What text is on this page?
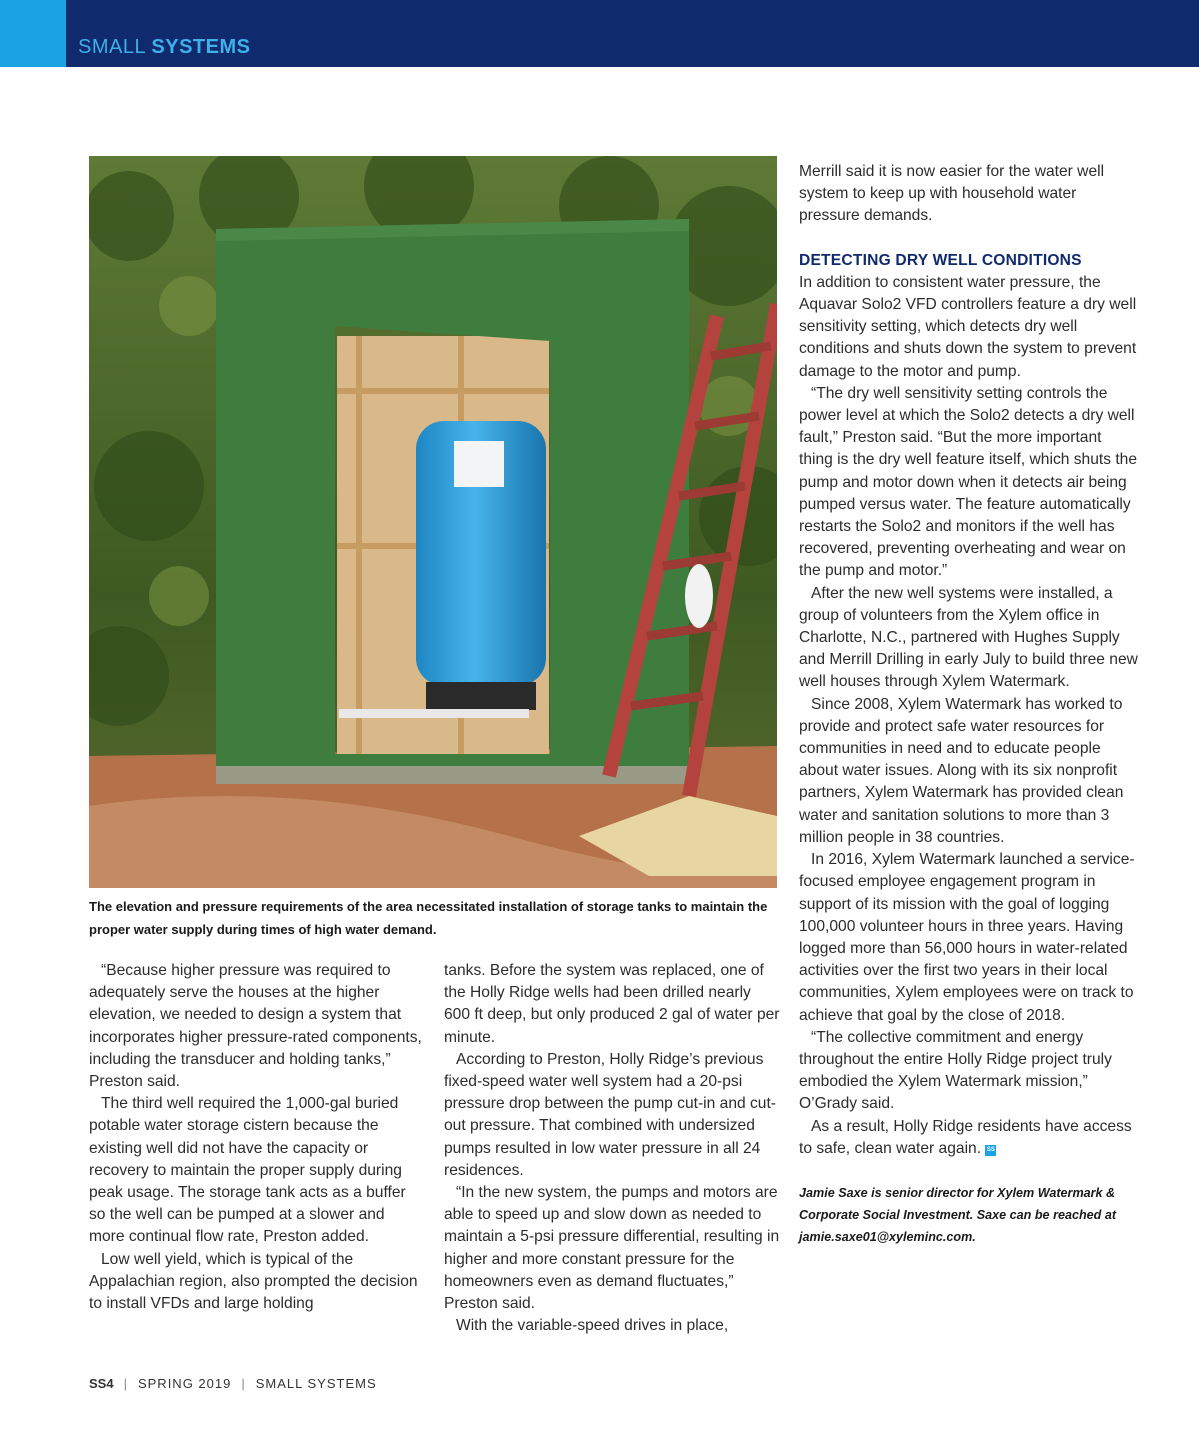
SMALL SYSTEMS
The elevation and pressure requirements of the area necessitated installation of storage tanks to maintain the proper water supply during times of high water demand.

“Because higher pressure was required to adequately serve the houses at the higher elevation, we needed to design a system that incorporates higher pressure-rated components, including the transducer and holding tanks,” Preston said.

The third well required the 1,000-gal buried potable water storage cistern because the existing well did not have the capacity or recovery to maintain the proper supply during peak usage. The storage tank acts as a buffer so the well can be pumped at a slower and more continual flow rate, Preston added.

Low well yield, which is typical of the Appalachian region, also prompted the decision to install VFDs and large holding

tanks. Before the system was replaced, one of the Holly Ridge wells had been drilled nearly 600 ft deep, but only produced 2 gal of water per minute.

According to Preston, Holly Ridge’s previous fixed-speed water well system had a 20-psi pressure drop between the pump cut-in and cut-out pressure. That combined with undersized pumps resulted in low water pressure in all 24 residences.

“In the new system, the pumps and motors are able to speed up and slow down as needed to maintain a 5-psi pressure differential, resulting in higher and more constant pressure for the homeowners even as demand fluctuates,” Preston said.

With the variable-speed drives in place,

Merrill said it is now easier for the water well system to keep up with household water pressure demands.

DETECTING DRY WELL CONDITIONS

In addition to consistent water pressure, the Aquavar Solo2 VFD controllers feature a dry well sensitivity setting, which detects dry well conditions and shuts down the system to prevent damage to the motor and pump.

“The dry well sensitivity setting controls the power level at which the Solo2 detects a dry well fault,” Preston said. “But the more important thing is the dry well feature itself, which shuts the pump and motor down when it detects air being pumped versus water. The feature automatically restarts the Solo2 and monitors if the well has recovered, preventing overheating and wear on the pump and motor.”

After the new well systems were installed, a group of volunteers from the Xylem office in Charlotte, N.C., partnered with Hughes Supply and Merrill Drilling in early July to build three new well houses through Xylem Watermark.

Since 2008, Xylem Watermark has worked to provide and protect safe water resources for communities in need and to educate people about water issues. Along with its six nonprofit partners, Xylem Watermark has provided clean water and sanitation solutions to more than 3 million people in 38 countries.

In 2016, Xylem Watermark launched a service-focused employee engagement program in support of its mission with the goal of logging 100,000 volunteer hours in three years. Having logged more than 56,000 hours in water-related activities over the first two years in their local communities, Xylem employees were on track to achieve that goal by the close of 2018.

“The collective commitment and energy throughout the entire Holly Ridge project truly embodied the Xylem Watermark mission,” O’Grady said.

As a result, Holly Ridge residents have access to safe, clean water again. SS

Jamie Saxe is senior director for Xylem Watermark & Corporate Social Investment. Saxe can be reached at jamie.saxe01@xyleminc.com.

SS4 | SPRING 2019 | SMALL SYSTEMS
